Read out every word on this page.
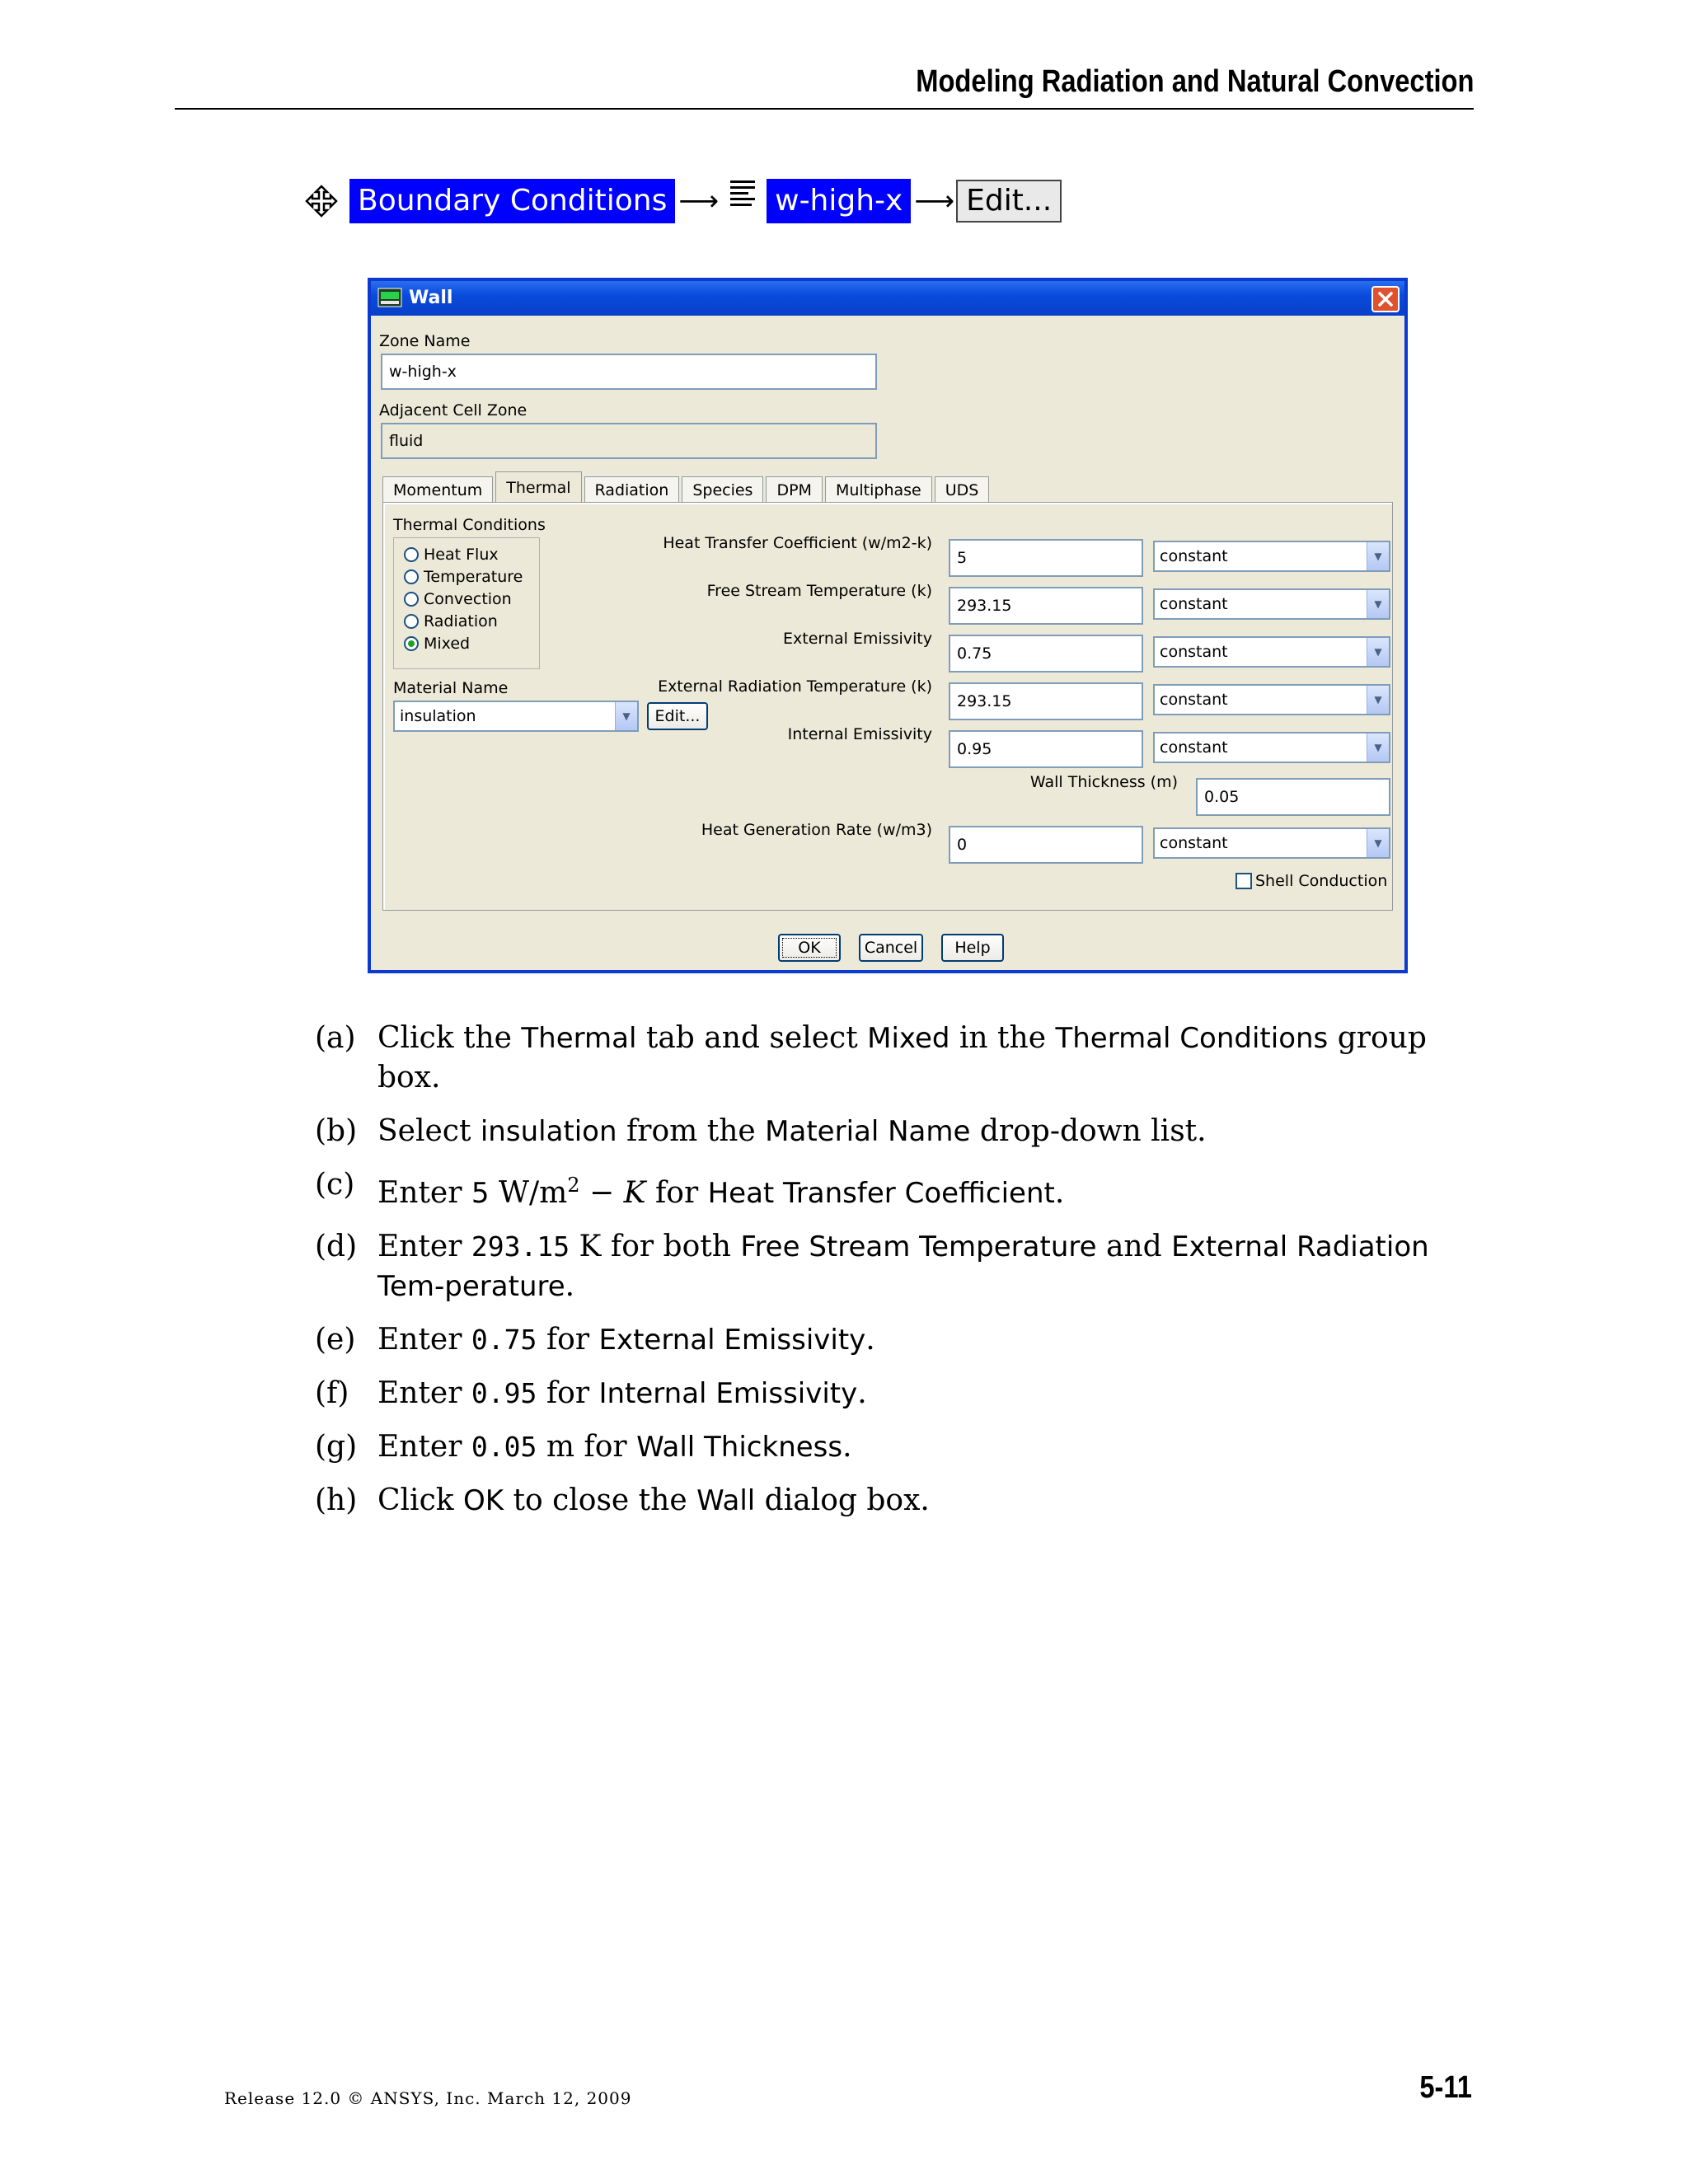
Modeling Radiation and Natural Convection
Boundary Conditions ⟶ w-high-x ⟶ Edit...
Wall
Zone Name
w-high-x
Adjacent Cell Zone
fluid
Momentum	Thermal	Radiation	Species	DPM	Multiphase	UDS
Thermal Conditions
Heat Flux
Temperature
Convection
Radiation
Mixed
Material Name
insulation	▼	Edit...
Heat Transfer Coefficient (w/m2-k)
5	constant	▼
Free Stream Temperature (k)
293.15	constant	▼
External Emissivity
0.75	constant	▼
External Radiation Temperature (k)
293.15	constant	▼
Internal Emissivity
0.95	constant	▼
Wall Thickness (m)
0.05
Heat Generation Rate (w/m3)
0	constant	▼
Shell Conduction
OK	Cancel	Help
(a) Click the Thermal tab and select Mixed in the Thermal Conditions group box.
(b) Select insulation from the Material Name drop-down list.
(c) Enter 5 $W/m^2 - K$ for Heat Transfer Coefficient.
(d) Enter 293.15 K for both Free Stream Temperature and External Radiation Tem-perature.
(e) Enter 0.75 for External Emissivity.
(f) Enter 0.95 for Internal Emissivity.
(g) Enter 0.05 m for Wall Thickness.
(h) Click OK to close the Wall dialog box.
Release 12.0 © ANSYS, Inc. March 12, 2009	5-11
